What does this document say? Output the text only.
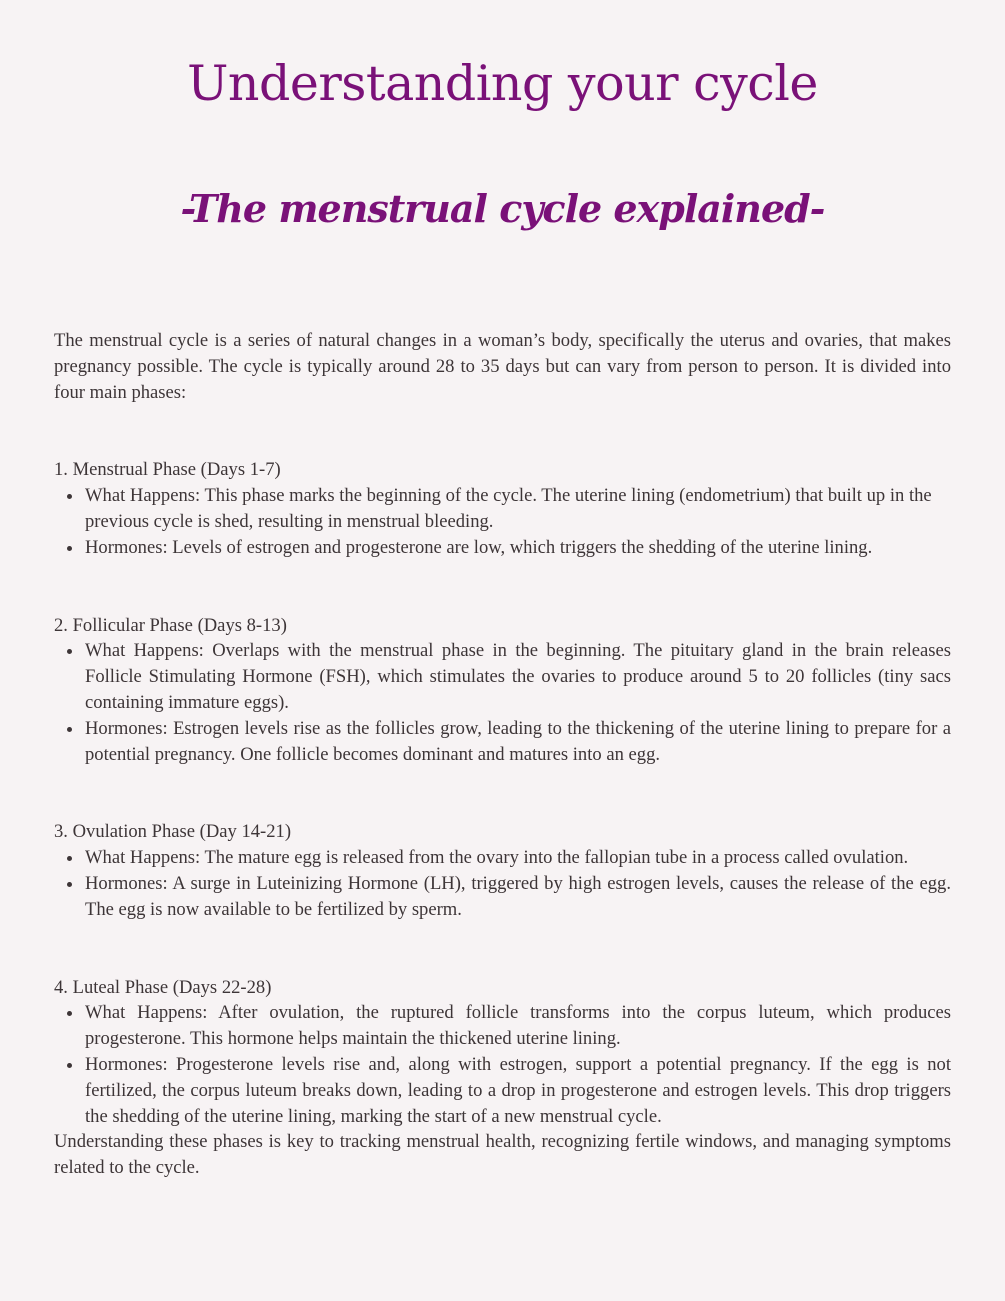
Understanding your cycle
-The menstrual cycle explained-

The menstrual cycle is a series of natural changes in a woman’s body, specifically the uterus and ovaries, that makes pregnancy possible. The cycle is typically around 28 to 35 days but can vary from person to person. It is divided into four main phases:

1. Menstrual Phase (Days 1-7)

What Happens: This phase marks the beginning of the cycle. The uterine lining (endometrium) that built up in the previous cycle is shed, resulting in menstrual bleeding.
Hormones: Levels of estrogen and progesterone are low, which triggers the shedding of the uterine lining.

2. Follicular Phase (Days 8-13)

What Happens: Overlaps with the menstrual phase in the beginning. The pituitary gland in the brain releases Follicle Stimulating Hormone (FSH), which stimulates the ovaries to produce around 5 to 20 follicles (tiny sacs containing immature eggs).
Hormones: Estrogen levels rise as the follicles grow, leading to the thickening of the uterine lining to prepare for a potential pregnancy. One follicle becomes dominant and matures into an egg.

3. Ovulation Phase (Day 14-21)

What Happens: The mature egg is released from the ovary into the fallopian tube in a process called ovulation.
Hormones: A surge in Luteinizing Hormone (LH), triggered by high estrogen levels, causes the release of the egg. The egg is now available to be fertilized by sperm.

4. Luteal Phase (Days 22-28)

What Happens: After ovulation, the ruptured follicle transforms into the corpus luteum, which produces progesterone. This hormone helps maintain the thickened uterine lining.
Hormones: Progesterone levels rise and, along with estrogen, support a potential pregnancy. If the egg is not fertilized, the corpus luteum breaks down, leading to a drop in progesterone and estrogen levels. This drop triggers the shedding of the uterine lining, marking the start of a new menstrual cycle.

Understanding these phases is key to tracking menstrual health, recognizing fertile windows, and managing symptoms related to the cycle.
